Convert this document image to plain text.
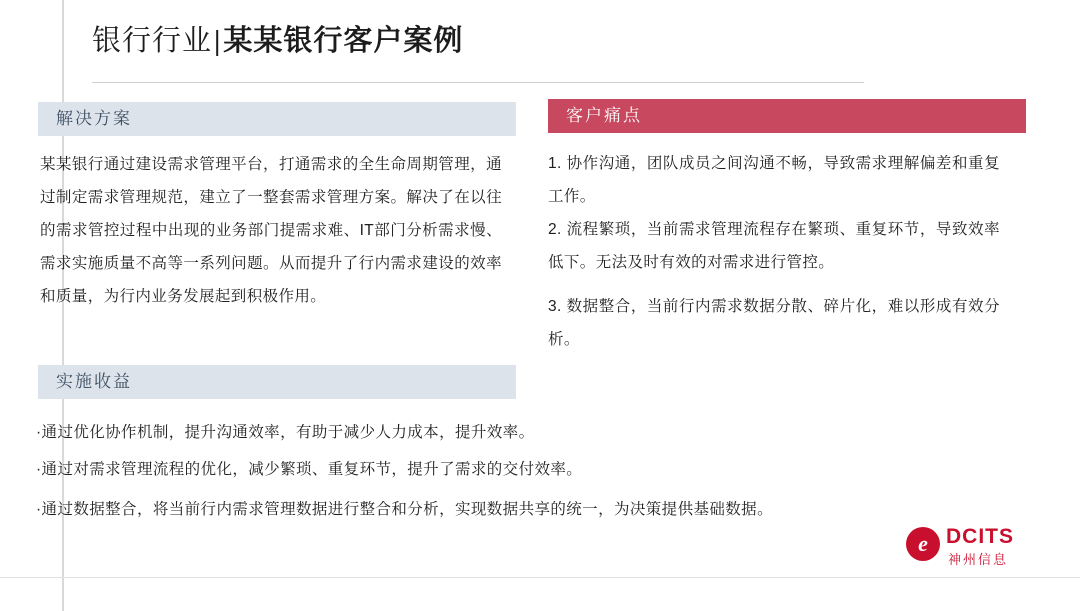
银行行业|某某银行客户案例
解决方案
某某银行通过建设需求管理平台，打通需求的全生命周期管理，通过制定需求管理规范，建立了一整套需求管理方案。解决了在以往的需求管控过程中出现的业务部门提需求难、IT部门分析需求慢、需求实施质量不高等一系列问题。从而提升了行内需求建设的效率和质量，为行内业务发展起到积极作用。
客户痛点
1. 协作沟通，团队成员之间沟通不畅，导致需求理解偏差和重复工作。
2. 流程繁琐，当前需求管理流程存在繁琐、重复环节，导致效率低下。无法及时有效的对需求进行管控。
3. 数据整合，当前行内需求数据分散、碎片化，难以形成有效分析。
实施收益
·通过优化协作机制，提升沟通效率，有助于减少人力成本，提升效率。
·通过对需求管理流程的优化，减少繁琐、重复环节，提升了需求的交付效率。
·通过数据整合，将当前行内需求管理数据进行整合和分析，实现数据共享的统一，为决策提供基础数据。
e DCITS
神州信息
